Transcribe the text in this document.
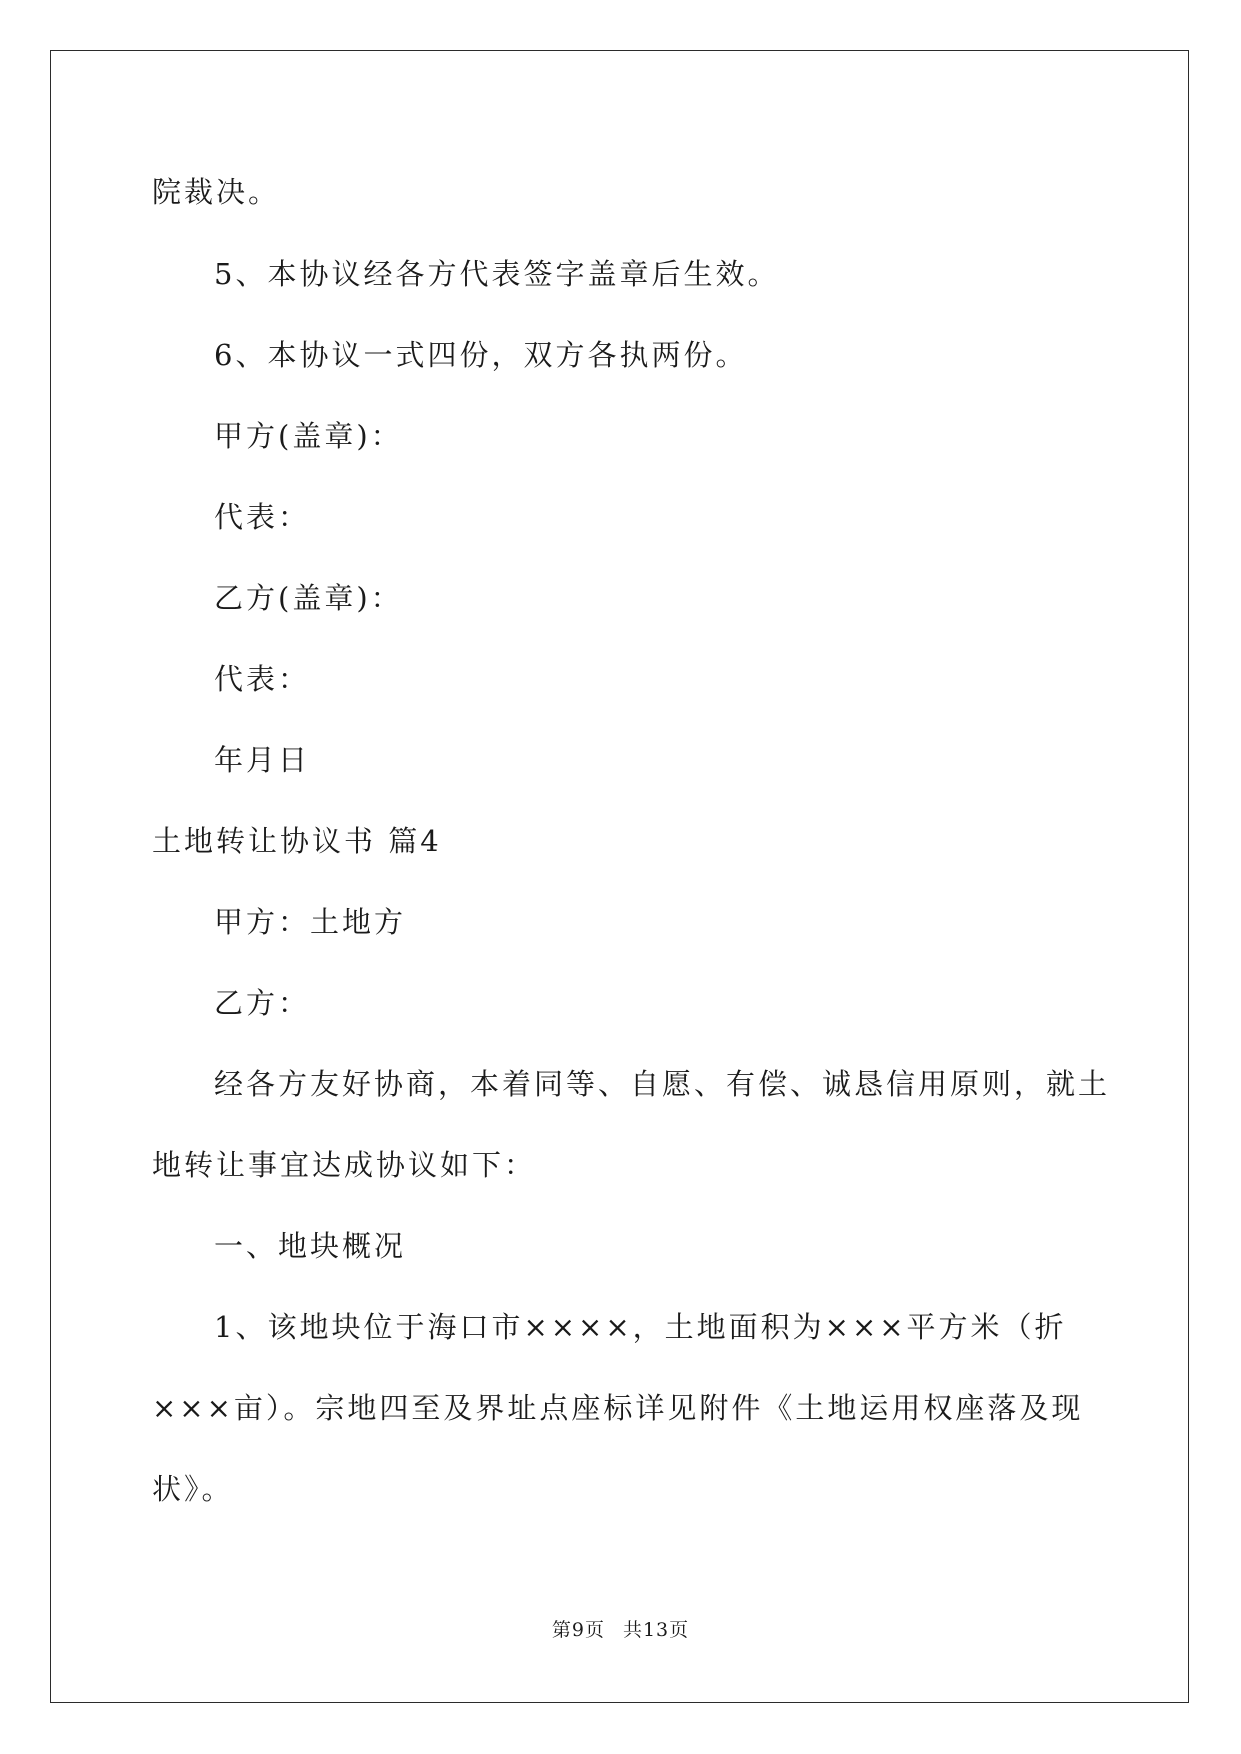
院裁决。
5、本协议经各方代表签字盖章后生效。
6、本协议一式四份，双方各执两份。
甲方(盖章)：
代表：
乙方(盖章)：
代表：
年月日
土地转让协议书 篇4
甲方：土地方
乙方：
经各方友好协商，本着同等、自愿、有偿、诚恳信用原则，就土
地转让事宜达成协议如下：
一、地块概况
1、该地块位于海口市××××，土地面积为×××平方米（折
×××亩）。宗地四至及界址点座标详见附件《土地运用权座落及现
状》。
第9页 共13页
